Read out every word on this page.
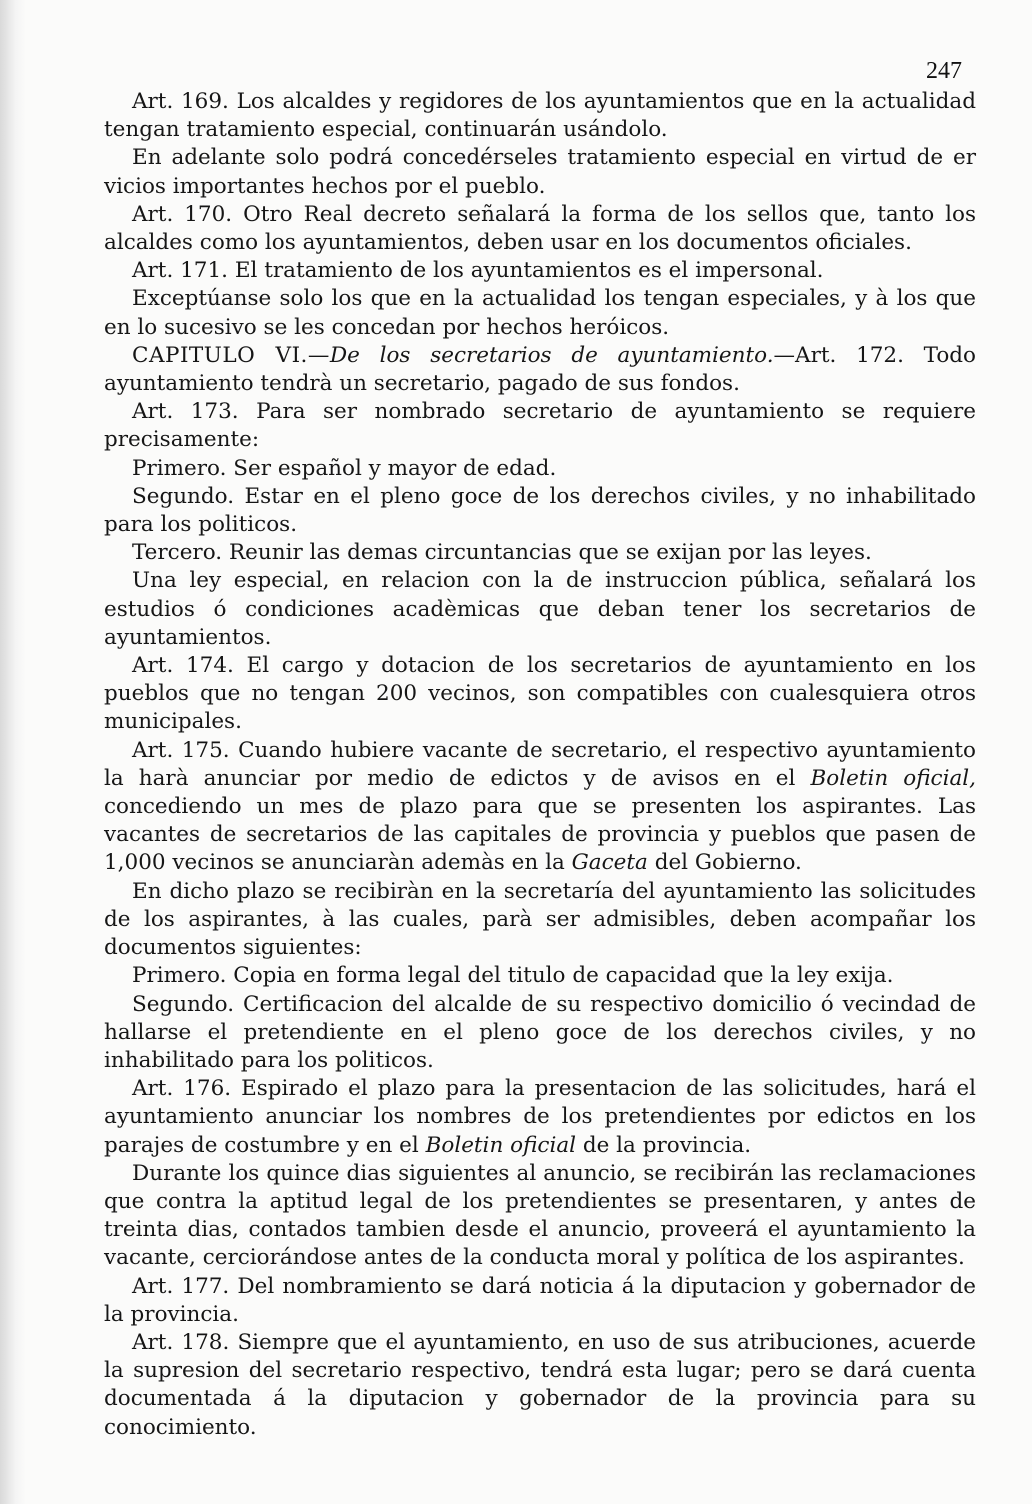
247

Art. 169. Los alcaldes y regidores de los ayuntamientos que en la actualidad tengan tratamiento especial, continuarán usándolo.

En adelante solo podrá concedérseles tratamiento especial en virtud de er vicios importantes hechos por el pueblo.

Art. 170. Otro Real decreto señalará la forma de los sellos que, tanto los alcaldes como los ayuntamientos, deben usar en los documentos oficiales.

Art. 171. El tratamiento de los ayuntamientos es el impersonal.

Exceptúanse solo los que en la actualidad los tengan especiales, y à los que en lo sucesivo se les concedan por hechos heróicos.

CAPITULO VI.—De los secretarios de ayuntamiento.—Art. 172. Todo ayuntamiento tendrà un secretario, pagado de sus fondos.

Art. 173. Para ser nombrado secretario de ayuntamiento se requiere precisamente:

Primero. Ser español y mayor de edad.

Segundo. Estar en el pleno goce de los derechos civiles, y no inhabilitado para los politicos.

Tercero. Reunir las demas circuntancias que se exijan por las leyes.

Una ley especial, en relacion con la de instruccion pública, señalará los estudios ó condiciones acadèmicas que deban tener los secretarios de ayuntamientos.

Art. 174. El cargo y dotacion de los secretarios de ayuntamiento en los pueblos que no tengan 200 vecinos, son compatibles con cualesquiera otros municipales.

Art. 175. Cuando hubiere vacante de secretario, el respectivo ayuntamiento la harà anunciar por medio de edictos y de avisos en el Boletin oficial, concediendo un mes de plazo para que se presenten los aspirantes. Las vacantes de secretarios de las capitales de provincia y pueblos que pasen de 1,000 vecinos se anunciaràn ademàs en la Gaceta del Gobierno.

En dicho plazo se recibiràn en la secretaría del ayuntamiento las solicitudes de los aspirantes, à las cuales, parà ser admisibles, deben acompañar los documentos siguientes:

Primero. Copia en forma legal del titulo de capacidad que la ley exija.

Segundo. Certificacion del alcalde de su respectivo domicilio ó vecindad de hallarse el pretendiente en el pleno goce de los derechos civiles, y no inhabilitado para los politicos.

Art. 176. Espirado el plazo para la presentacion de las solicitudes, hará el ayuntamiento anunciar los nombres de los pretendientes por edictos en los parajes de costumbre y en el Boletin oficial de la provincia.

Durante los quince dias siguientes al anuncio, se recibirán las reclamaciones que contra la aptitud legal de los pretendientes se presentaren, y antes de treinta dias, contados tambien desde el anuncio, proveerá el ayuntamiento la vacante, cerciorándose antes de la conducta moral y política de los aspirantes.

Art. 177. Del nombramiento se dará noticia á la diputacion y gobernador de la provincia.

Art. 178. Siempre que el ayuntamiento, en uso de sus atribuciones, acuerde la supresion del secretario respectivo, tendrá esta lugar; pero se dará cuenta documentada á la diputacion y gobernador de la provincia para su conocimiento.
